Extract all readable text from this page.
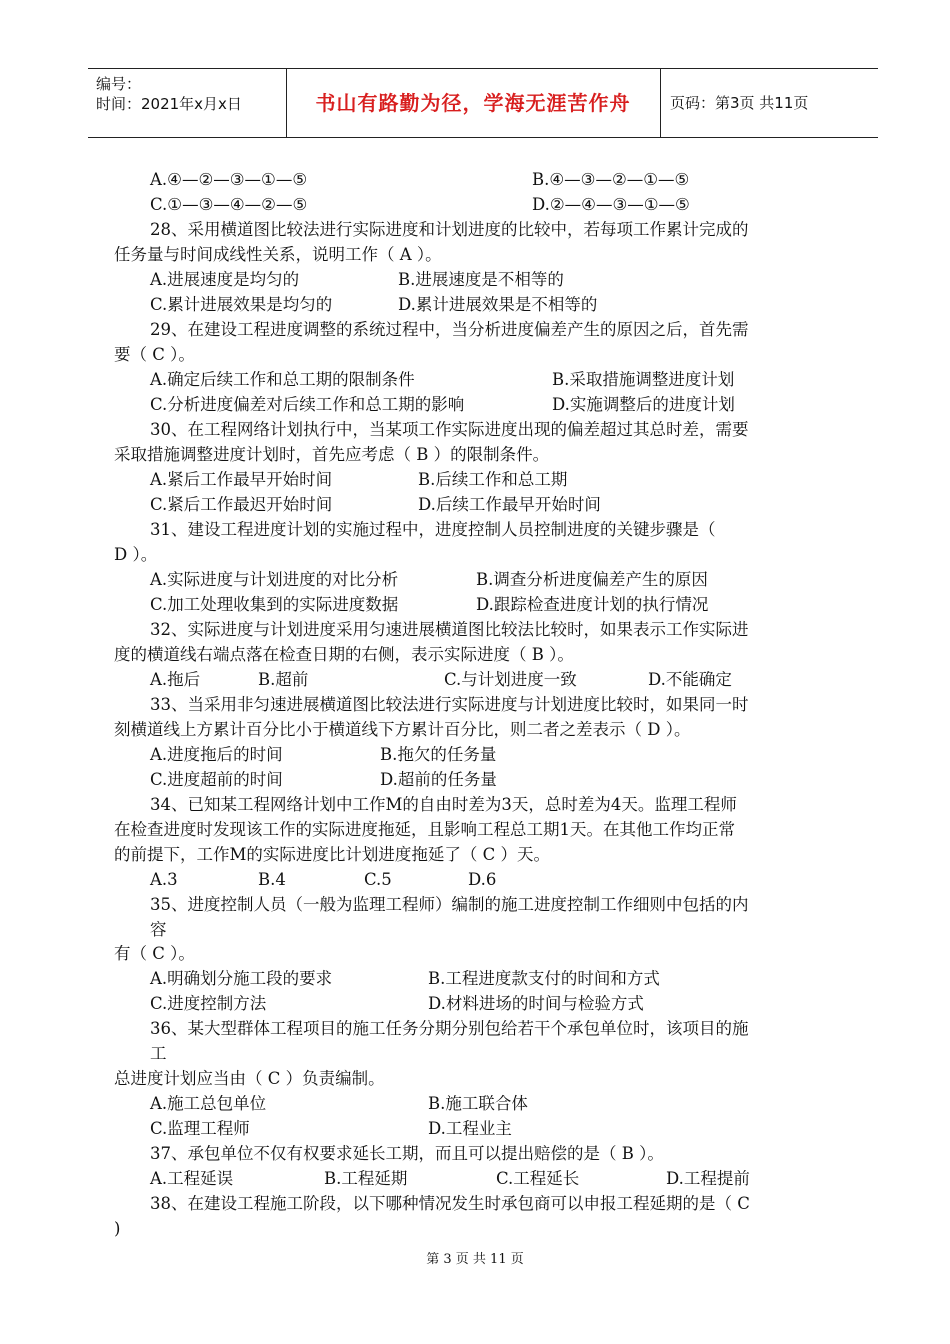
编号：
时间：2021年x月x日	书山有路勤为径，学海无涯苦作舟	页码：第3页 共11页
A.④—②—③—①—⑤	B.④—③—②—①—⑤
C.①—③—④—②—⑤	D.②—④—③—①—⑤
28、采用横道图比较法进行实际进度和计划进度的比较中，若每项工作累计完成的
任务量与时间成线性关系，说明工作（ A ）。
A.进展速度是均匀的	B.进展速度是不相等的
C.累计进展效果是均匀的	D.累计进展效果是不相等的
29、在建设工程进度调整的系统过程中，当分析进度偏差产生的原因之后，首先需
要（ C ）。
A.确定后续工作和总工期的限制条件	B.采取措施调整进度计划
C.分析进度偏差对后续工作和总工期的影响	D.实施调整后的进度计划
30、在工程网络计划执行中，当某项工作实际进度出现的偏差超过其总时差，需要
采取措施调整进度计划时，首先应考虑（ B ）的限制条件。
A.紧后工作最早开始时间	B.后续工作和总工期
C.紧后工作最迟开始时间	D.后续工作最早开始时间
31、建设工程进度计划的实施过程中，进度控制人员控制进度的关键步骤是（
D ）。
A.实际进度与计划进度的对比分析	B.调查分析进度偏差产生的原因
C.加工处理收集到的实际进度数据	D.跟踪检查进度计划的执行情况
32、实际进度与计划进度采用匀速进展横道图比较法比较时，如果表示工作实际进
度的横道线右端点落在检查日期的右侧，表示实际进度（ B ）。
A.拖后	B.超前	C.与计划进度一致	D.不能确定
33、当采用非匀速进展横道图比较法进行实际进度与计划进度比较时，如果同一时
刻横道线上方累计百分比小于横道线下方累计百分比，则二者之差表示（ D ）。
A.进度拖后的时间	B.拖欠的任务量
C.进度超前的时间	D.超前的任务量
34、已知某工程网络计划中工作M的自由时差为3天，总时差为4天。监理工程师
在检查进度时发现该工作的实际进度拖延，且影响工程总工期1天。在其他工作均正常
的前提下，工作M的实际进度比计划进度拖延了（ C ）天。
A.3	B.4	C.5	D.6
35、进度控制人员（一般为监理工程师）编制的施工进度控制工作细则中包括的内
容
有（ C ）。
A.明确划分施工段的要求	B.工程进度款支付的时间和方式
C.进度控制方法	D.材料进场的时间与检验方式
36、某大型群体工程项目的施工任务分期分别包给若干个承包单位时，该项目的施
工
总进度计划应当由（ C ）负责编制。
A.施工总包单位	B.施工联合体
C.监理工程师	D.工程业主
37、承包单位不仅有权要求延长工期，而且可以提出赔偿的是（ B ）。
A.工程延误	B.工程延期	C.工程延长	D.工程提前
38、在建设工程施工阶段，以下哪种情况发生时承包商可以申报工程延期的是（ C
)
第 3 页 共 11 页
